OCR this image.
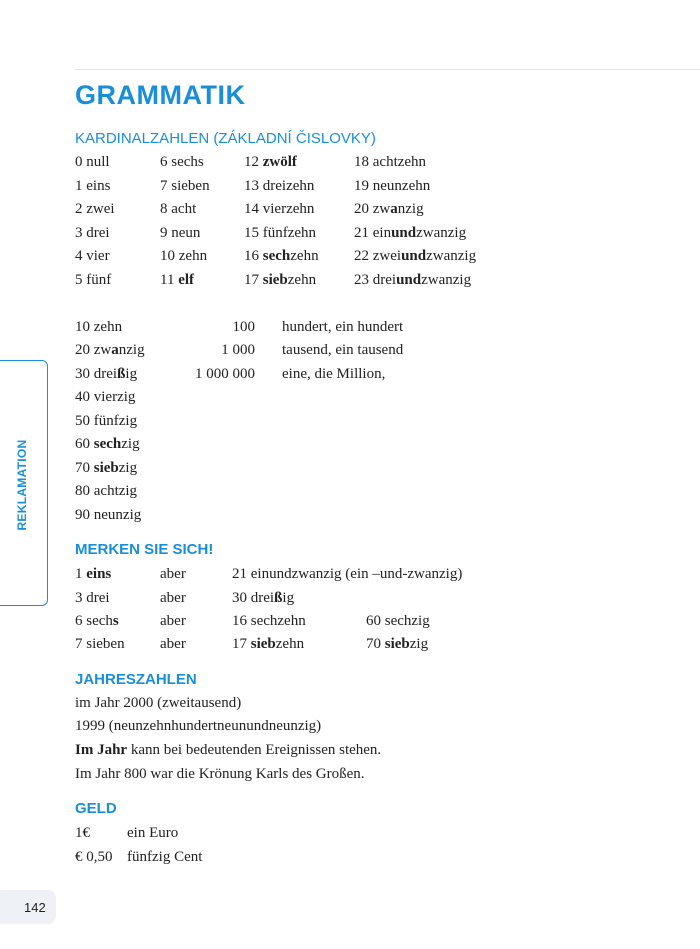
GRAMMATIK
KARDINALZAHLEN (ZÁKLADNÍ ČISLOVKY)
0 null	6 sechs	12 zwölf	18 achtzehn
1 eins	7 sieben 13 dreizehn	19 neunzehn
2 zwei	8 acht	14 vierzehn	20 zwanzig
3 drei	9 neun	15 fünfzehn	21 einundzwanzig
4 vier	10 zehn 16 sechzehn 22 zweiundzwanzig
5 fünf	11 elf	17 siebzehn	23 dreiundzwanzig
10 zehn	100 hundert, ein hundert
20 zwanzig	1 000 tausend, ein tausend
30 dreißig	1 000 000 eine, die Million,
40 vierzig
50 fünfzig
60 sechzig
70 siebzig
80 achtzig
90 neunzig
MERKEN SIE SICH!
1 eins	aber	21 einundzwanzig (ein –und-zwanzig)
3 drei	aber	30 dreißig
6 sechs	aber	16 sechzehn	60 sechzig
7 sieben aber	17 siebzehn	70 siebzig
JAHRESZAHLEN
im Jahr 2000 (zweitausend)
1999 (neunzehnhundertneunundneunzig)
Im Jahr kann bei bedeutenden Ereignissen stehen.
Im Jahr 800 war die Krönung Karls des Großen.
GELD
1€ ein Euro
€ 0,50 fünfzig Cent
REKLAMATION
142
